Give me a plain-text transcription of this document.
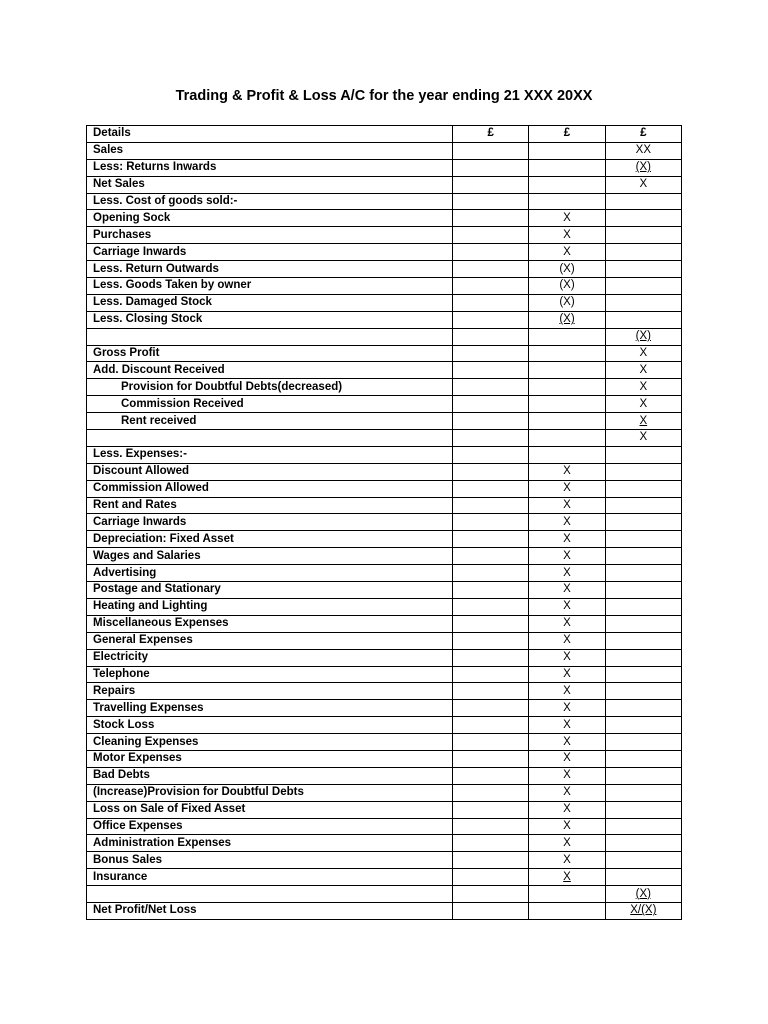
Trading & Profit & Loss A/C for the year ending 21 XXX 20XX
Details	£	£	£
Sales			XX
Less: Returns Inwards			(X)
Net Sales			X
Less. Cost of goods sold:-			
Opening Sock		X	
Purchases		X	
Carriage Inwards		X	
Less. Return Outwards		(X)	
Less. Goods Taken by owner		(X)	
Less. Damaged Stock		(X)	
Less. Closing Stock		(X)	
			(X)
Gross Profit			X
Add. Discount Received			X
Provision for Doubtful Debts(decreased)			X
Commission Received			X
Rent received			X
			X
Less. Expenses:-			
Discount Allowed		X	
Commission Allowed		X	
Rent and Rates		X	
Carriage Inwards		X	
Depreciation: Fixed Asset		X	
Wages and Salaries		X	
Advertising		X	
Postage and Stationary		X	
Heating and Lighting		X	
Miscellaneous Expenses		X	
General Expenses		X	
Electricity		X	
Telephone		X	
Repairs		X	
Travelling Expenses		X	
Stock Loss		X	
Cleaning Expenses		X	
Motor Expenses		X	
Bad Debts		X	
(Increase)Provision for Doubtful Debts		X	
Loss on Sale of Fixed Asset		X	
Office Expenses		X	
Administration Expenses		X	
Bonus Sales		X	
Insurance		X	
			(X)
Net Profit/Net Loss			X/(X)
